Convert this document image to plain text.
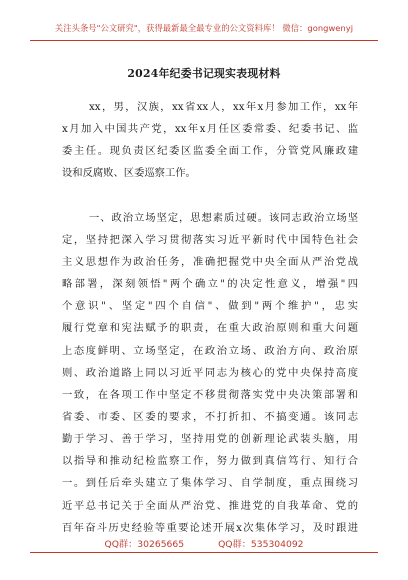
关注头条号"公文研究"，获得最新最全最专业的公文资料库！ 微信：gongwenyj
2024年纪委书记现实表现材料
xx，男，汉族，xx省xx人，xx年x月参加工作，xx年
x月加入中国共产党，xx年x月任区委常委、纪委书记、监
委主任。现负责区纪委区监委全面工作，分管党风廉政建
设和反腐败、区委巡察工作。
一、政治立场坚定，思想素质过硬。该同志政治立场坚
定，坚持把深入学习贯彻落实习近平新时代中国特色社会
主义思想作为政治任务，准确把握党中央全面从严治党战
略部署，深刻领悟"两个确立"的决定性意义，增强"四
个意识"、坚定"四个自信"、做到"两个维护"，忠实
履行党章和宪法赋予的职责，在重大政治原则和重大问题
上态度鲜明、立场坚定，在政治立场、政治方向、政治原
则、政治道路上同以习近平同志为核心的党中央保持高度
一致，在各项工作中坚定不移贯彻落实党中央决策部署和
省委、市委、区委的要求，不打折扣、不搞变通。该同志
勤于学习、善于学习，坚持用党的创新理论武装头脑，用
以指导和推动纪检监察工作，努力做到真信笃行、知行合
一。到任后牵头建立了集体学习、自学制度，重点围绕习
近平总书记关于全面从严治党、推进党的自我革命、党的
百年奋斗历史经验等重要论述开展x次集体学习，及时跟进
QQ群：30265665	QQ群：535304092
